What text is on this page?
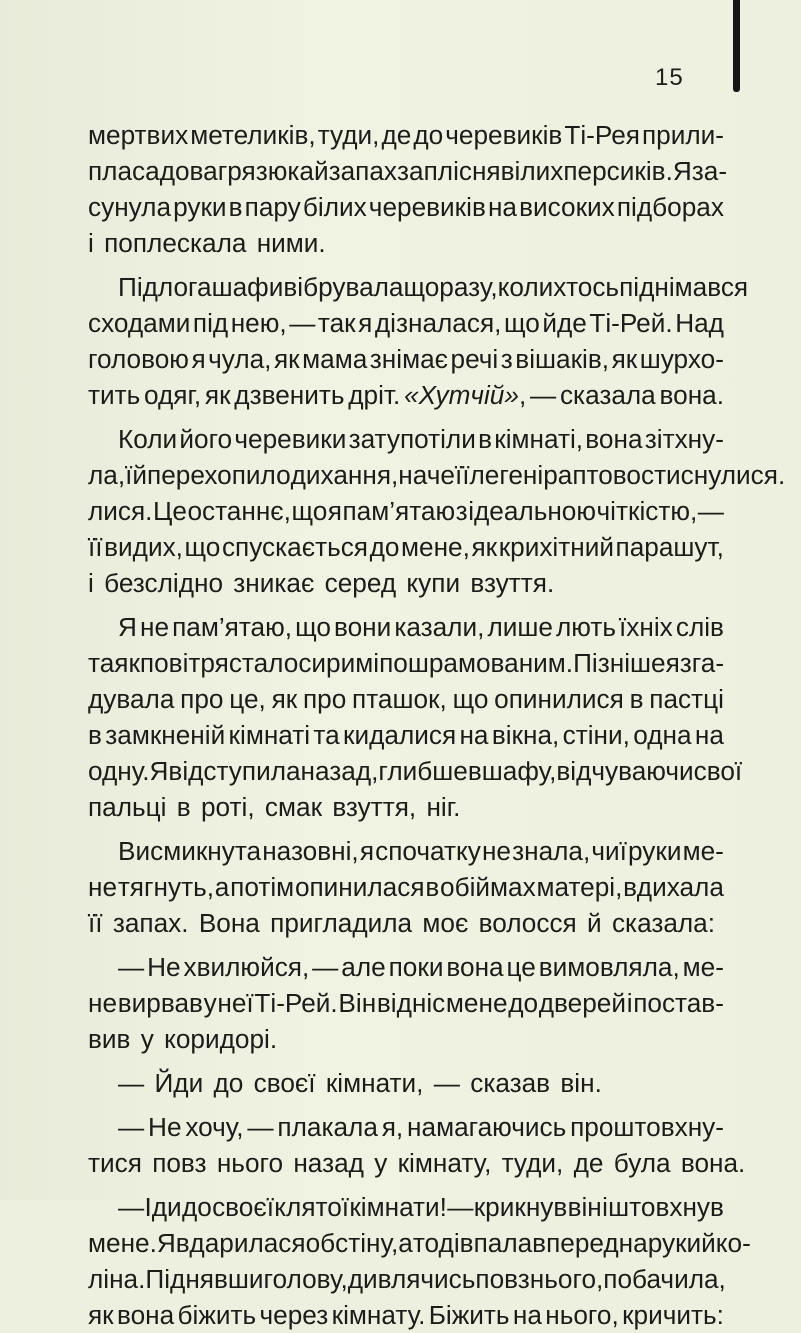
15
мертвих метеликів, туди, де до черевиків Ті-Рея прили-
пла садова грязюка й запах запліснявілих персиків. Я за-
сунула руки в пару білих черевиків на високих підборах
і
поплескала
ними.
Підлога шафи вібрувала щоразу, коли хтось піднімався
сходами під нею, — так я дізналася, що йде Ті-Рей. Над
головою я чула, як мама знімає речі з вішаків, як шурхо-
тить одяг, як дзвенить дріт. «Хутчій», — сказала вона.
Коли його черевики затупотіли в кімнаті, вона зітхну-
ла, їй перехопило дихання, наче її легені раптово стиснулися.
лися. Це останнє, що я пам’ятаю з ідеальною чіткістю, —
її видих, що спускається до мене, як крихітний парашут,
і
безслідно
зникає
серед
купи
взуття.
Я не пам’ятаю, що вони казали, лише лють їхніх слів
та як повітря стало сирим і пошрамованим. Пізніше я зга-
дувала про це, як про пташок, що опинилися в пастці
в замкненій кімнаті та кидалися на вікна, стіни, одна на
одну. Я відступила назад, глибше в шафу, відчуваючи свої
пальці
в
роті,
смак
взуття,
ніг.
Висмикнута назовні, я спочатку не знала, чиї руки ме-
не тягнуть, а потім опинилася в обіймах матері, вдихала
її
запах.
Вона
пригладила
моє
волосся
й
сказала:
— Не хвилюйся, — але поки вона це вимовляла, ме-
не вирвав у неї Ті-Рей. Він відніс мене до дверей і постав-
вив
у
коридорі.
—
Йди
до
своєї
кімнати,
—
сказав
він.
— Не хочу, — плакала я, намагаючись проштовхну-
тися
повз
нього
назад
у
кімнату,
туди,
де
була
вона.
— Іди до своєї клятої кімнати! — крикнув він і штовхнув
мене. Я вдарилася об стіну, а тоді впала вперед на руки й ко-
ліна. Піднявши голову, дивлячись повз нього, побачила,
як вона біжить через кімнату. Біжить на нього, кричить:
